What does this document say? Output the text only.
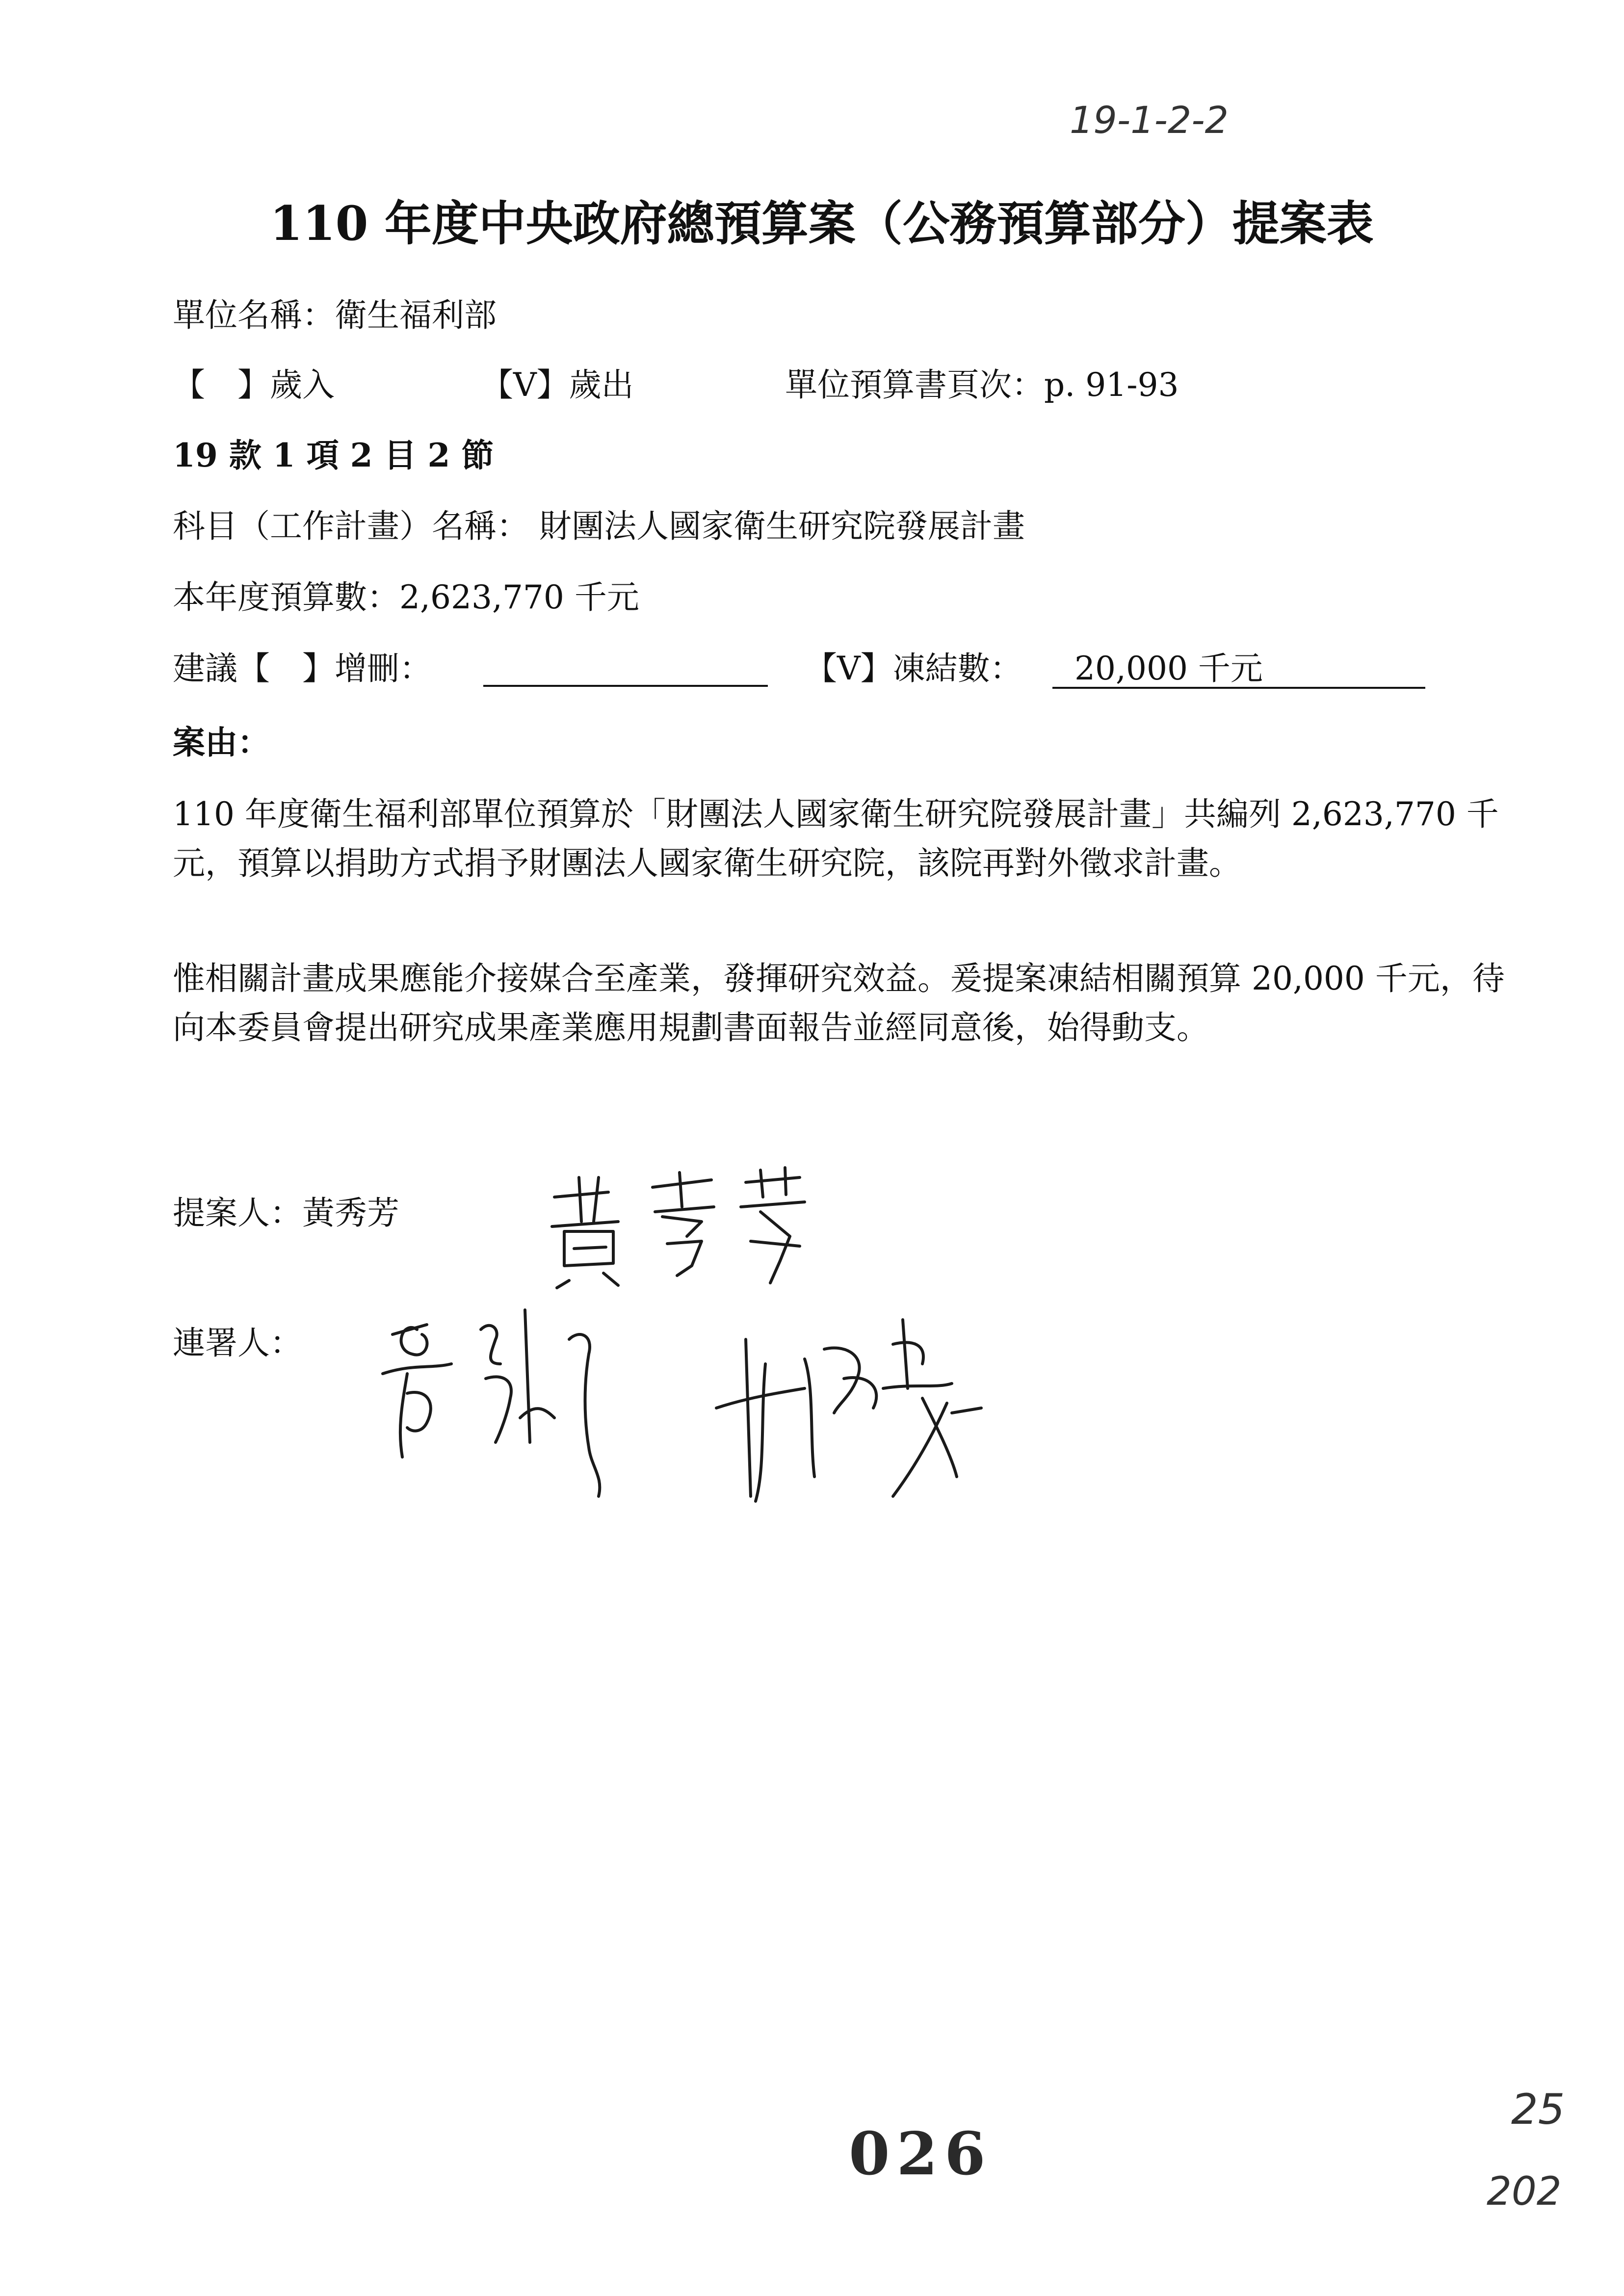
19-1-2-2
110 年度中央政府總預算案（公務預算部分）提案表
單位名稱：衛生福利部
【　】歲入	【V】歲出	單位預算書頁次：p. 91-93
19 款 1 項 2 目 2 節
科目（工作計畫）名稱： 財團法人國家衛生研究院發展計畫
本年度預算數：2,623,770 千元
建議【　】增刪：	【V】凍結數： 20,000 千元
案由：

110 年度衛生福利部單位預算於「財團法人國家衛生研究院發展計畫」共編列 2,623,770 千元，預算以捐助方式捐予財團法人國家衛生研究院，該院再對外徵求計畫。

惟相關計畫成果應能介接媒合至產業，發揮研究效益。爰提案凍結相關預算 20,000 千元，待向本委員會提出研究成果產業應用規劃書面報告並經同意後，始得動支。

提案人：黃秀芳
連署人：
026
25
202
